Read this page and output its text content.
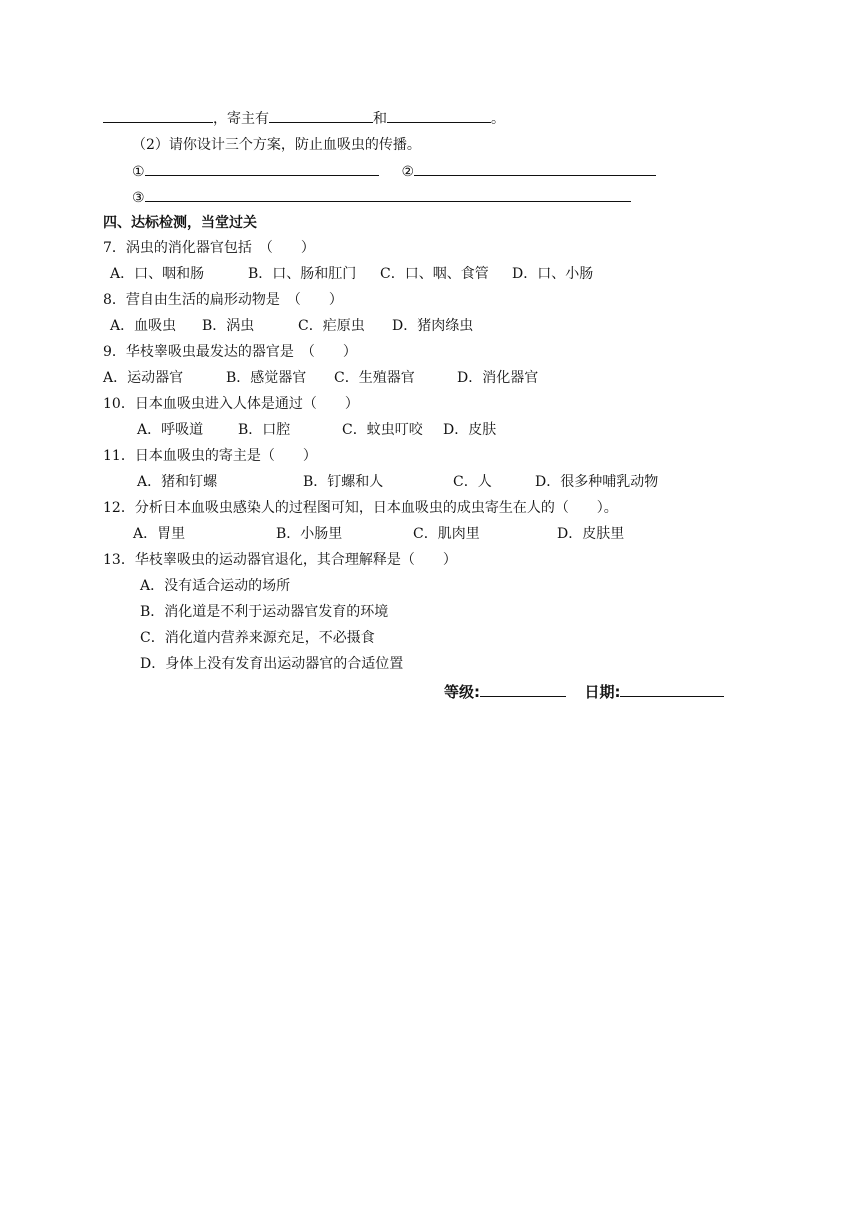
，寄主有	和	。
（2）请你设计三个方案，防止血吸虫的传播。
①	②
③
四、达标检测，当堂过关
7．涡虫的消化器官包括　（　　）
A．口、咽和肠	B．口、肠和肛门 C．口、咽、食管 D．口、小肠
8．营自由生活的扁形动物是　（　　）
A．血吸虫 B．涡虫	C．疟原虫 D．猪肉绦虫
9．华枝睾吸虫最发达的器官是　（　　）
A．运动器官	B．感觉器官 C．生殖器官	D．消化器官
10．日本血吸虫进入人体是通过（　　）
A．呼吸道 B．口腔	C．蚊虫叮咬 D．皮肤
11．日本血吸虫的寄主是（　　）
A．猪和钉螺	B．钉螺和人	C．人	D．很多种哺乳动物
12．分析日本血吸虫感染人的过程图可知，日本血吸虫的成虫寄生在人的（　　）。
A．胃里	B．小肠里	C．肌肉里	D．皮肤里
13．华枝睾吸虫的运动器官退化，其合理解释是（　　）
A．没有适合运动的场所
B．消化道是不利于运动器官发育的环境
C．消化道内营养来源充足，不必摄食
D．身体上没有发育出运动器官的合适位置
等级:	日期:
